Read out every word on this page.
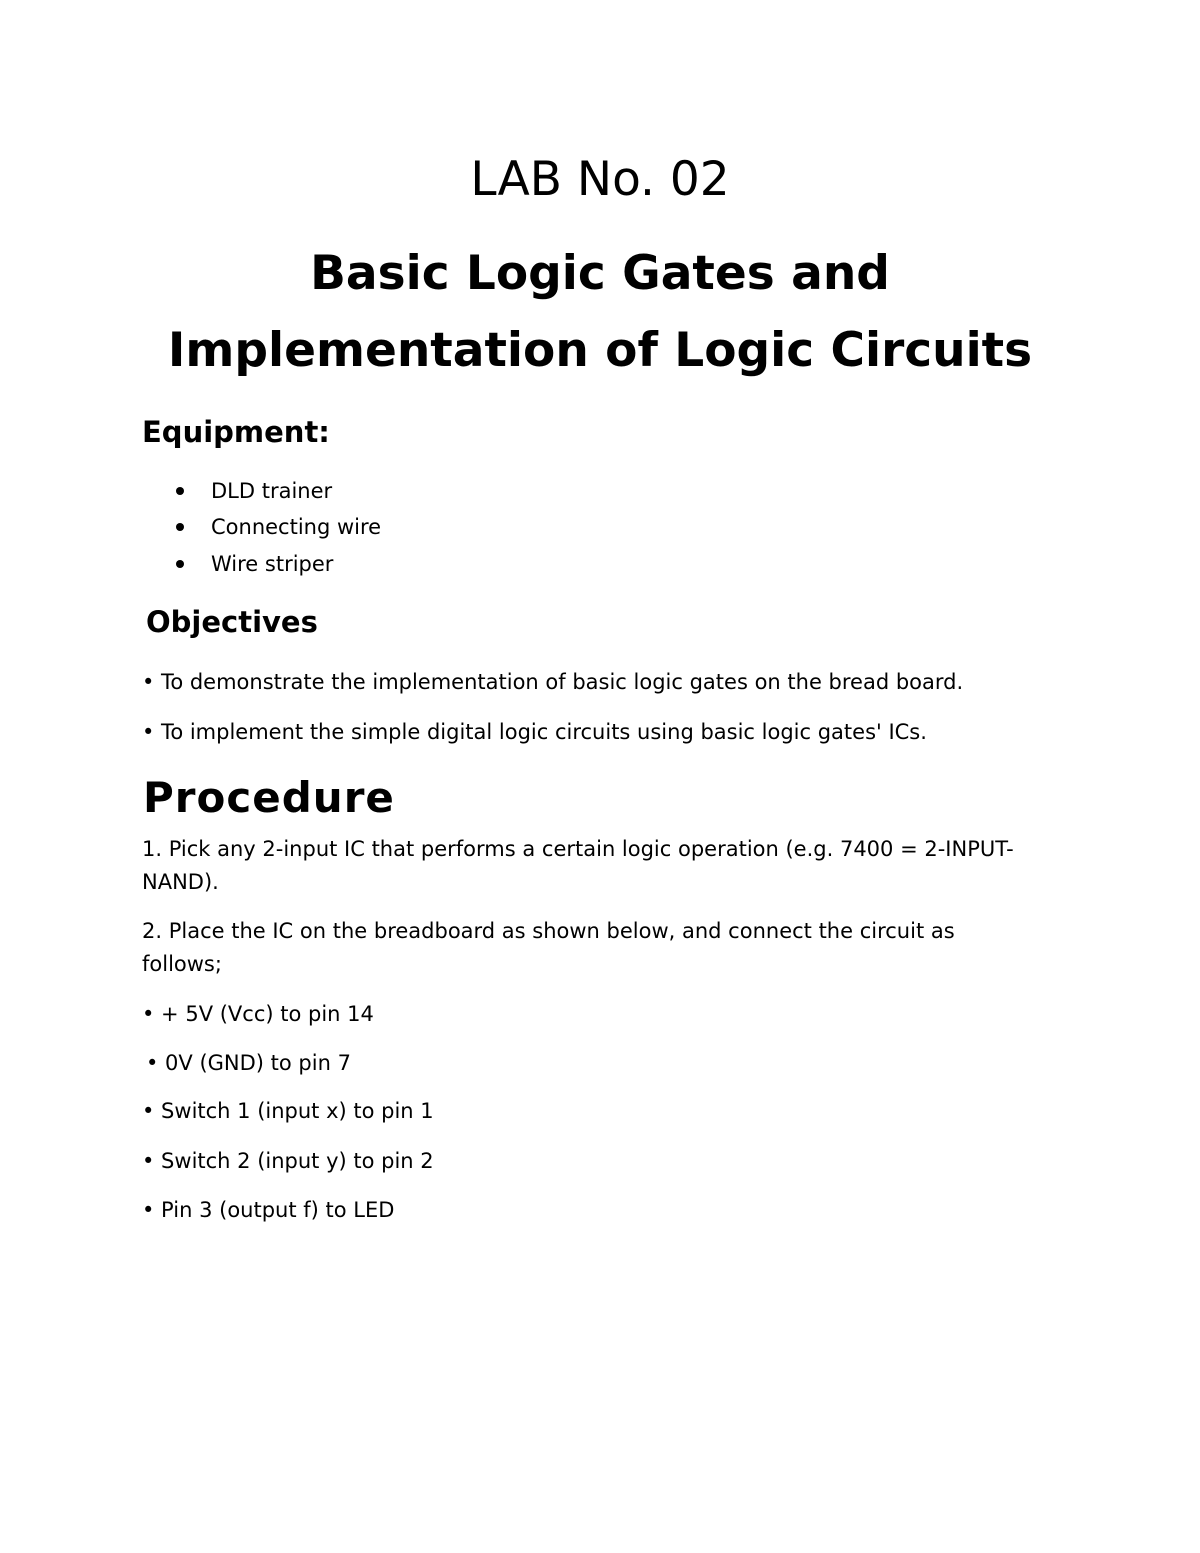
LAB No. 02
Basic Logic Gates and
Implementation of Logic Circuits
Equipment:
DLD trainer
Connecting wire
Wire striper
Objectives
• To demonstrate the implementation of basic logic gates on the bread board.
• To implement the simple digital logic circuits using basic logic gates' ICs.
Procedure
1. Pick any 2-input IC that performs a certain logic operation (e.g. 7400 = 2-INPUT-
NAND).
2. Place the IC on the breadboard as shown below, and connect the circuit as
follows;
• + 5V (Vcc) to pin 14
• 0V (GND) to pin 7
• Switch 1 (input x) to pin 1
• Switch 2 (input y) to pin 2
• Pin 3 (output f) to LED
